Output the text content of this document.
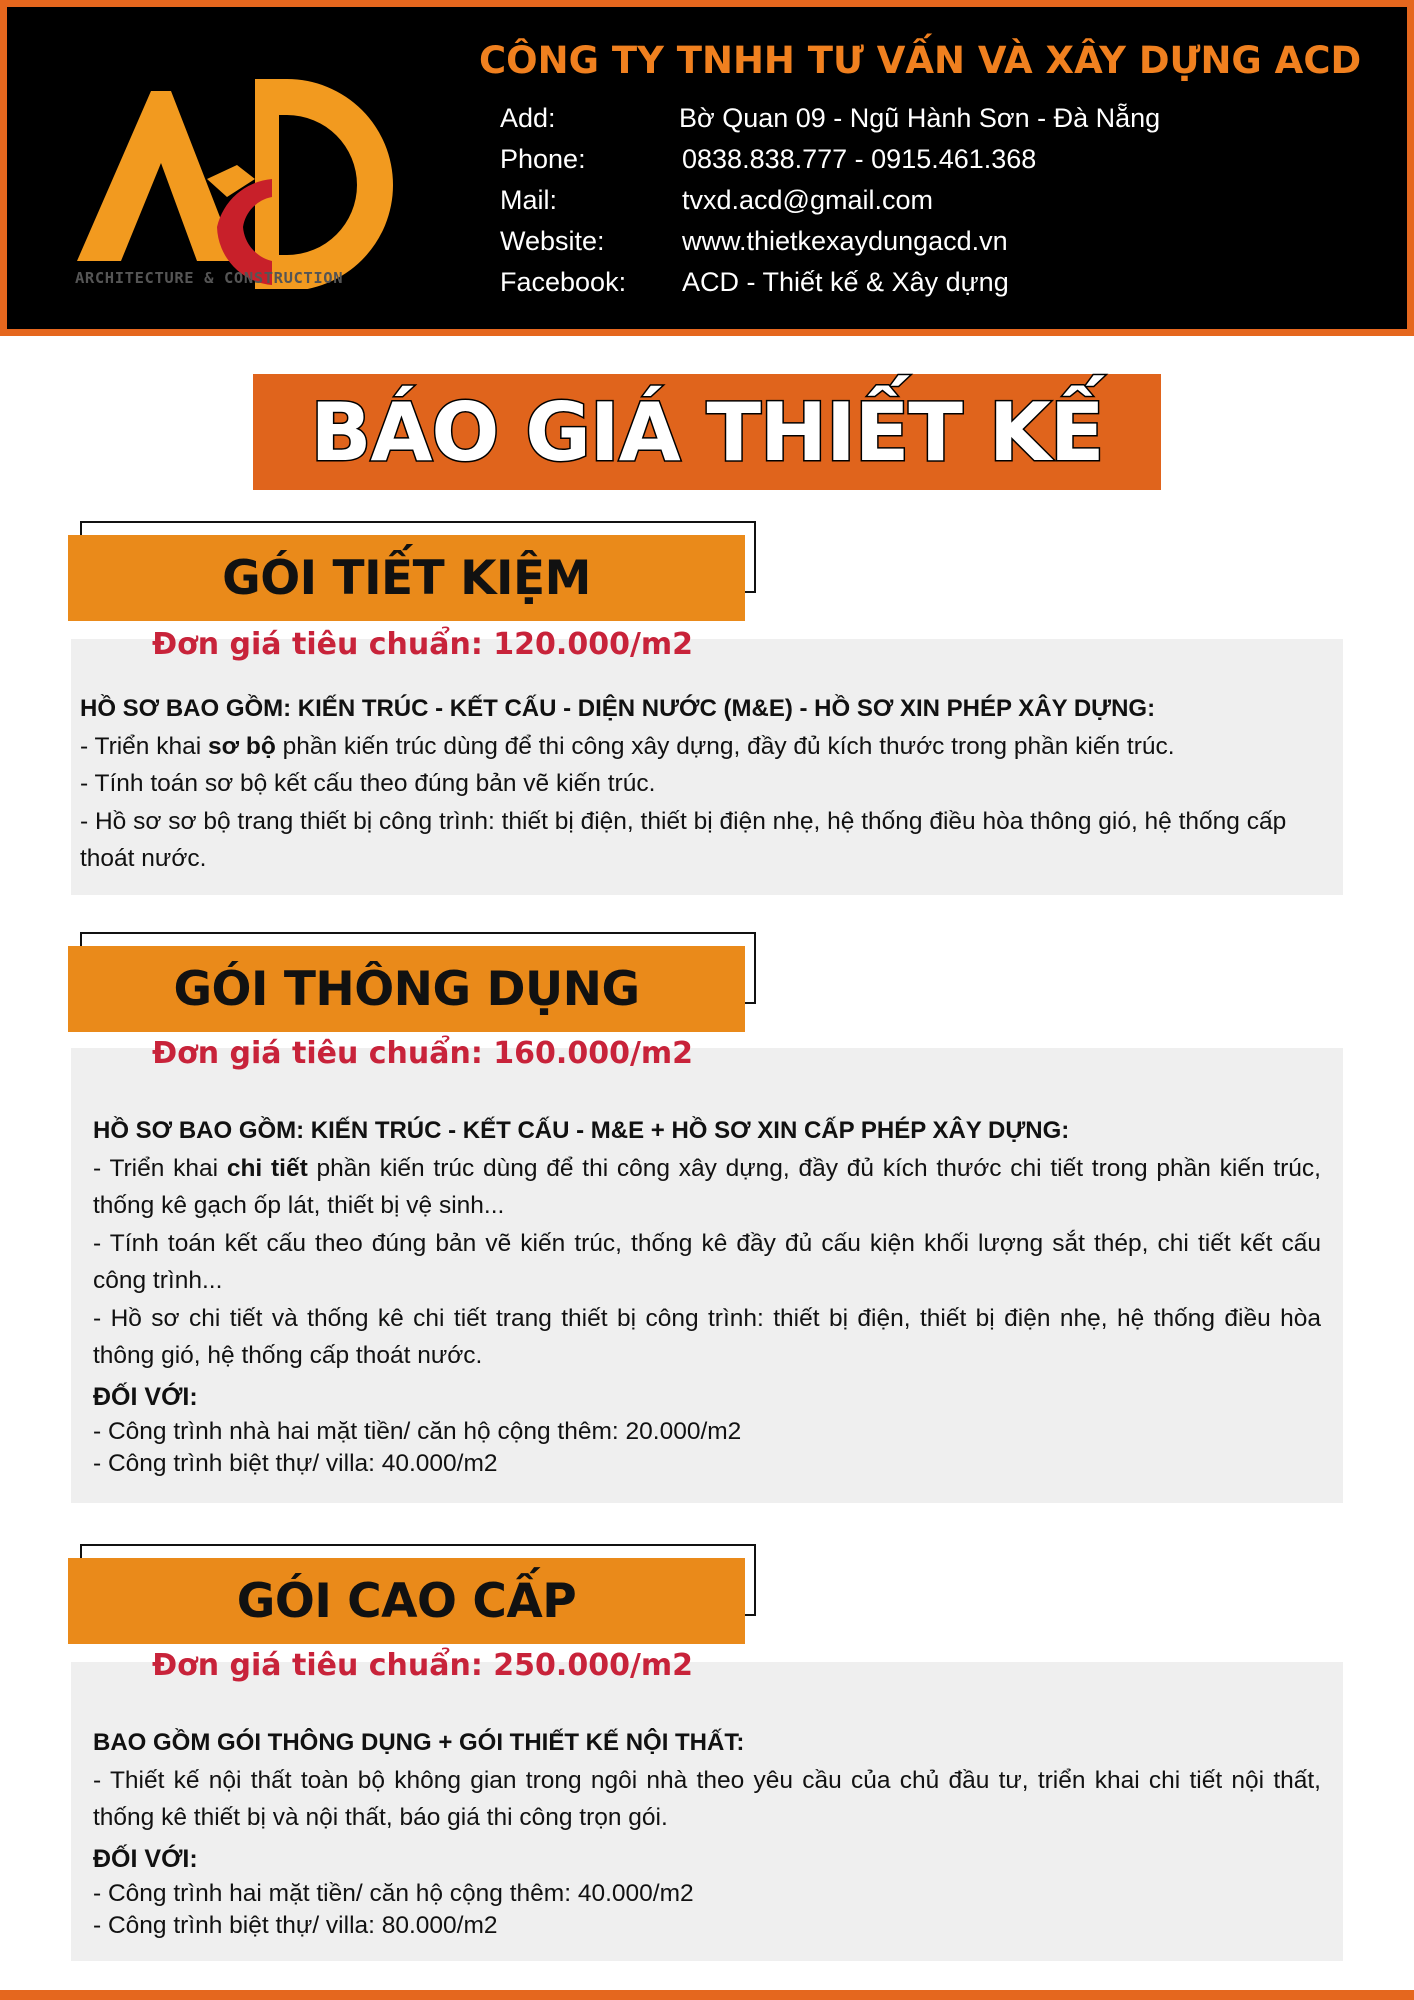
ARCHITECTURE & CONSTRUCTION
CÔNG TY TNHH TƯ VẤN VÀ XÂY DỰNG ACD
Add:	Bờ Quan 09 - Ngũ Hành Sơn - Đà Nẵng
Phone:	0838.838.777 - 0915.461.368
Mail:	tvxd.acd@gmail.com
Website:	www.thietkexaydungacd.vn
Facebook: ACD - Thiết kế & Xây dựng
BÁO GIÁ THIẾT KẾ
GÓI TIẾT KIỆM
Đơn giá tiêu chuẩn: 120.000/m2
HỒ SƠ BAO GỒM: KIẾN TRÚC - KẾT CẤU - DIỆN NƯỚC (M&E) - HỒ SƠ XIN PHÉP XÂY DỰNG:
- Triển khai sơ bộ phần kiến trúc dùng để thi công xây dựng, đầy đủ kích thước trong phần kiến trúc.
- Tính toán sơ bộ kết cấu theo đúng bản vẽ kiến trúc.
- Hồ sơ sơ bộ trang thiết bị công trình: thiết bị điện, thiết bị điện nhẹ, hệ thống điều hòa thông gió, hệ thống cấp thoát nước.
GÓI THÔNG DỤNG
Đơn giá tiêu chuẩn: 160.000/m2
HỒ SƠ BAO GỒM: KIẾN TRÚC - KẾT CẤU - M&E + HỒ SƠ XIN CẤP PHÉP XÂY DỰNG:
- Triển khai chi tiết phần kiến trúc dùng để thi công xây dựng, đầy đủ kích thước chi tiết trong phần kiến trúc, thống kê gạch ốp lát, thiết bị vệ sinh...
- Tính toán kết cấu theo đúng bản vẽ kiến trúc, thống kê đầy đủ cấu kiện khối lượng sắt thép, chi tiết kết cấu công trình...
- Hồ sơ chi tiết và thống kê chi tiết trang thiết bị công trình: thiết bị điện, thiết bị điện nhẹ, hệ thống điều hòa thông gió, hệ thống cấp thoát nước.
ĐỐI VỚI:
- Công trình nhà hai mặt tiền/ căn hộ cộng thêm: 20.000/m2
- Công trình biệt thự/ villa: 40.000/m2
GÓI CAO CẤP
Đơn giá tiêu chuẩn: 250.000/m2
BAO GỒM GÓI THÔNG DỤNG + GÓI THIẾT KẾ NỘI THẤT:
- Thiết kế nội thất toàn bộ không gian trong ngôi nhà theo yêu cầu của chủ đầu tư, triển khai chi tiết nội thất, thống kê thiết bị và nội thất, báo giá thi công trọn gói.
ĐỐI VỚI:
- Công trình hai mặt tiền/ căn hộ cộng thêm: 40.000/m2
- Công trình biệt thự/ villa: 80.000/m2
